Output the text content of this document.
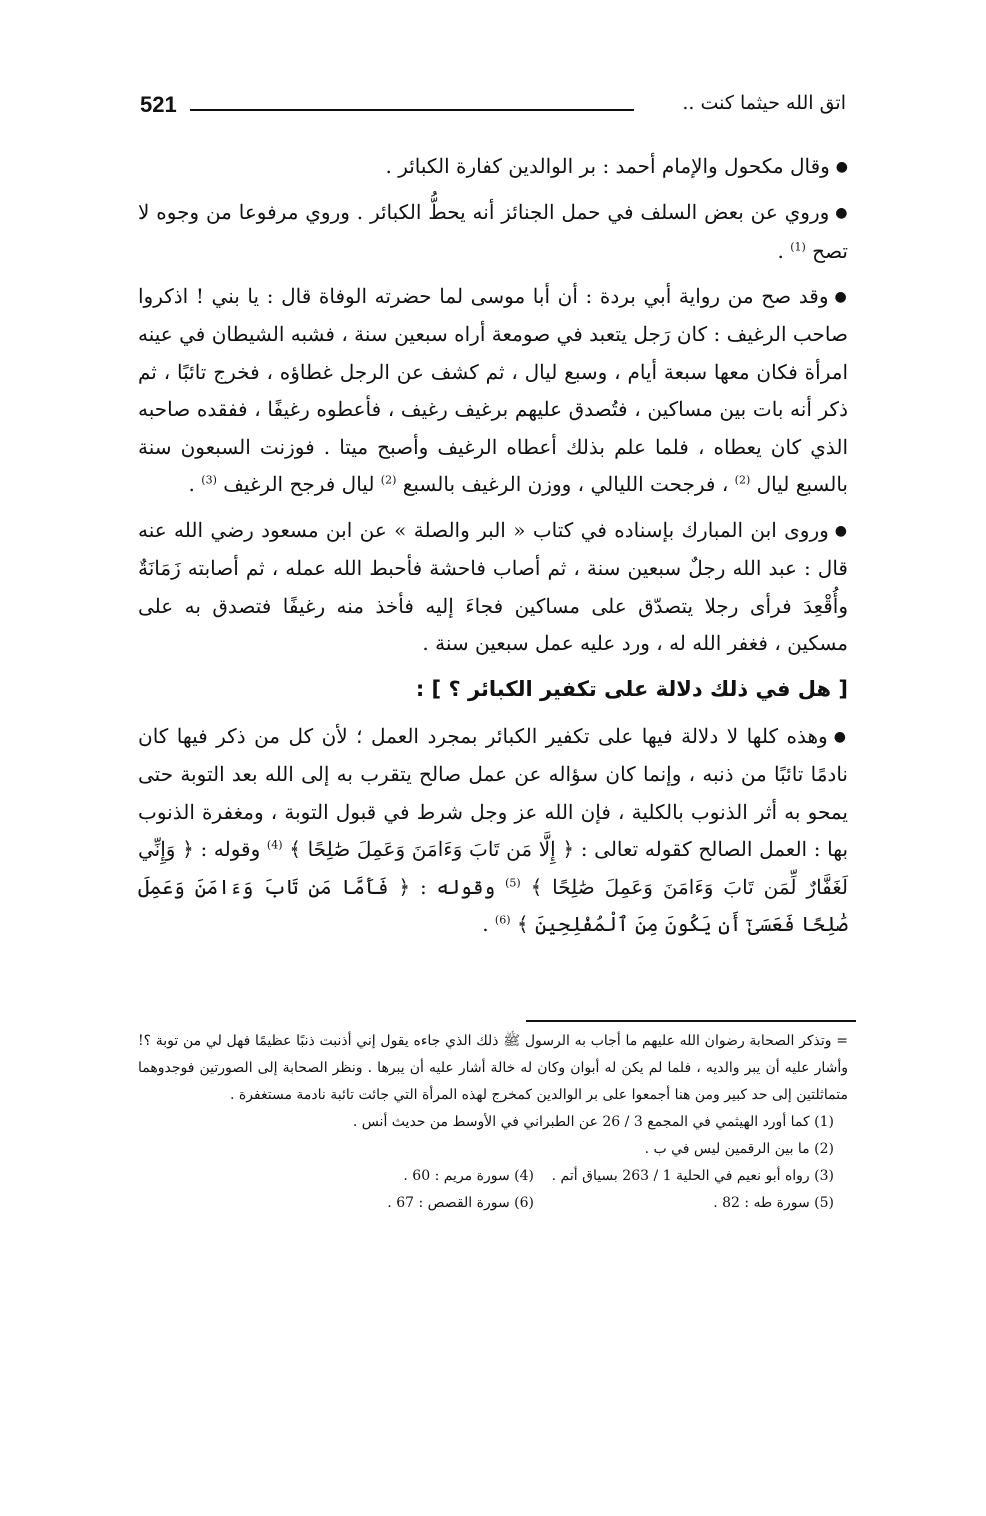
521	اتق الله حيثما كنت ..

●وقال مكحول والإمام أحمد : بر الوالدين كفارة الكبائر .

●وروي عن بعض السلف في حمل الجنائز أنه يحطُّ الكبائر . وروي مرفوعا من وجوه لا تصح $^{(1)}$ .

●وقد صح من رواية أبي بردة : أن أبا موسى لما حضرته الوفاة قال : يا بني ! اذكروا صاحب الرغيف : كان رَجل يتعبد في صومعة أراه سبعين سنة ، فشبه الشيطان في عينه امرأة فكان معها سبعة أيام ، وسبع ليال ، ثم كشف عن الرجل غطاؤه ، فخرج تائبًا ، ثم ذكر أنه بات بين مساكين ، فتُصدق عليهم برغيف رغيف ، فأعطوه رغيفًا ، ففقده صاحبه الذي كان يعطاه ، فلما علم بذلك أعطاه الرغيف وأصبح ميتا . فوزنت السبعون سنة بالسبع ليال $^{(2)}$ ، فرجحت الليالي ، ووزن الرغيف بالسبع $^{(2)}$ ليال فرجح الرغيف $^{(3)}$ .

●وروى ابن المبارك بإسناده في كتاب « البر والصلة » عن ابن مسعود رضي الله عنه قال : عبد الله رجلٌ سبعين سنة ، ثم أصاب فاحشة فأحبط الله عمله ، ثم أصابته زَمَانَةٌ وأُقْعِدَ فرأى رجلا يتصدّق على مساكين فجاءَ إليه فأخذ منه رغيفًا فتصدق به على مسكين ، فغفر الله له ، ورد عليه عمل سبعين سنة .

[ هل في ذلك دلالة على تكفير الكبائر ؟ ] :

●وهذه كلها لا دلالة فيها على تكفير الكبائر بمجرد العمل ؛ لأن كل من ذكر فيها كان نادمًا تائبًا من ذنبه ، وإنما كان سؤاله عن عمل صالح يتقرب به إلى الله بعد التوبة حتى يمحو به أثر الذنوب بالكلية ، فإن الله عز وجل شرط في قبول التوبة ، ومغفرة الذنوب بها : العمل الصالح كقوله تعالى : ﴿ إِلَّا مَن تَابَ وَءَامَنَ وَعَمِلَ صَٰلِحًا ﴾ $^{(4)}$ وقوله : ﴿ وَإِنِّي لَغَفَّارٌ لِّمَن تَابَ وَءَامَنَ وَعَمِلَ صَٰلِحًا ﴾ $^{(5)}$ وقوله : ﴿ فَأَمَّا مَن تَابَ وَءَامَنَ وَعَمِلَ صَٰلِحًا فَعَسَىٰٓ أَن يَكُونَ مِنَ ٱلْمُفْلِحِينَ ﴾ $^{(6)}$ .

= وتذكر الصحابة رضوان الله عليهم ما أجاب به الرسول ﷺ ذلك الذي جاءه يقول إني أذنبت ذنبًا عظيمًا فهل لي من توبة ؟! وأشار عليه أن يبر والديه ، فلما لم يكن له أبوان وكان له خالة أشار عليه أن يبرها . ونظر الصحابة إلى الصورتين فوجدوهما متماثلتين إلى حد كبير ومن هنا أجمعوا على بر الوالدين كمخرج لهذه المرأة التي جائت تائبة نادمة مستغفرة .
(1) كما أورد الهيثمي في المجمع 3 / 26 عن الطبراني في الأوسط من حديث أنس .
(2) ما بين الرقمين ليس في ب .
(3) رواه أبو نعيم في الحلية 1 / 263 بسياق أتم .
(4) سورة مريم : 60 .
(5) سورة طه : 82 .
(6) سورة القصص : 67 .
